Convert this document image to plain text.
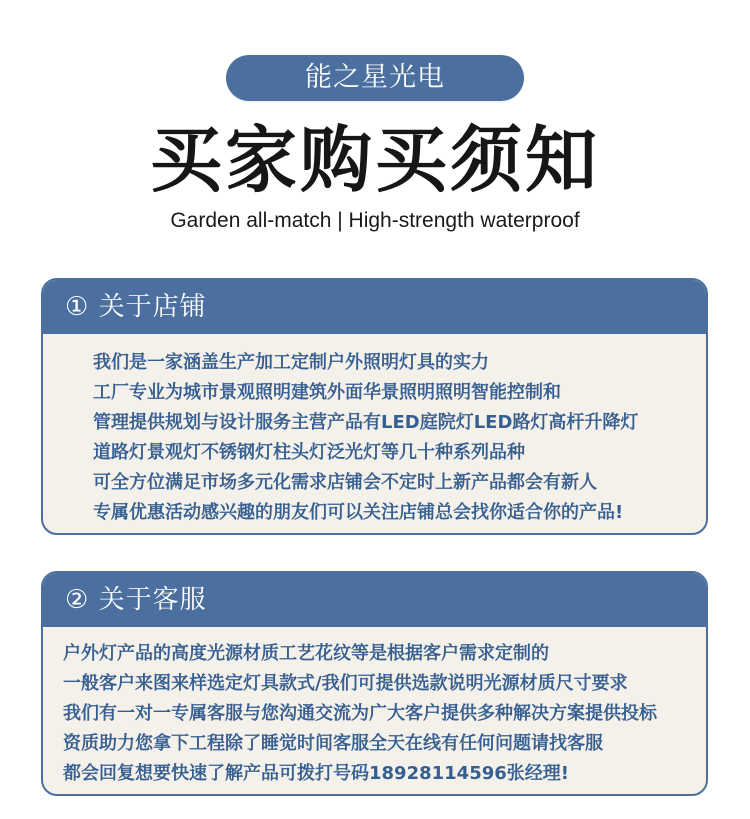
能之星光电
买家购买须知
Garden all-match | High-strength waterproof
① 关于店铺
我们是一家涵盖生产加工定制户外照明灯具的实力
工厂专业为城市景观照明建筑外面华景照明照明智能控制和
管理提供规划与设计服务主营产品有LED庭院灯LED路灯高杆升降灯
道路灯景观灯不锈钢灯柱头灯泛光灯等几十种系列品种
可全方位满足市场多元化需求店铺会不定时上新产品都会有新人
专属优惠活动感兴趣的朋友们可以关注店铺总会找你适合你的产品!
② 关于客服
户外灯产品的高度光源材质工艺花纹等是根据客户需求定制的
一般客户来图来样选定灯具款式/我们可提供选款说明光源材质尺寸要求
我们有一对一专属客服与您沟通交流为广大客户提供多种解决方案提供投标
资质助力您拿下工程除了睡觉时间客服全天在线有任何问题请找客服
都会回复想要快速了解产品可拨打号码18928114596张经理!
